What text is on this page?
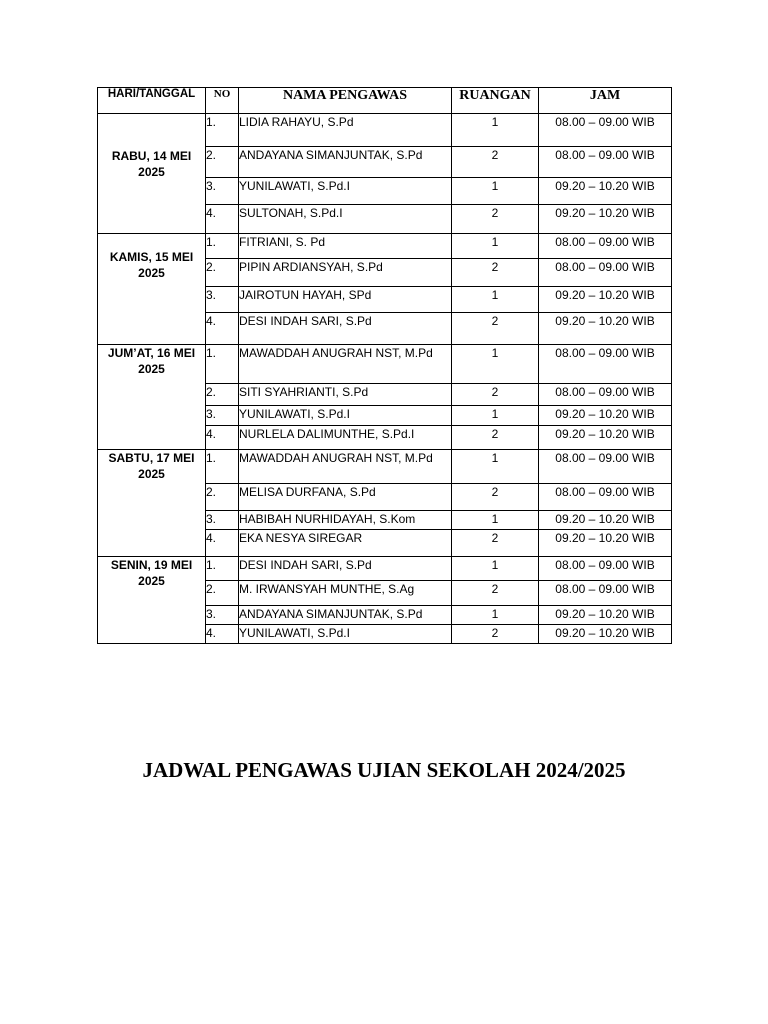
HARI/TANGGAL	NO	NAMA PENGAWAS	RUANGAN	JAM
RABU, 14 MEI 2025	1.	LIDIA RAHAYU, S.Pd	1	08.00 – 09.00 WIB
	2.	ANDAYANA SIMANJUNTAK, S.Pd	2	08.00 – 09.00 WIB
	3.	YUNILAWATI, S.Pd.I	1	09.20 – 10.20 WIB
	4.	SULTONAH, S.Pd.I	2	09.20 – 10.20 WIB
KAMIS, 15 MEI 2025	1.	FITRIANI, S. Pd	1	08.00 – 09.00 WIB
	2.	PIPIN ARDIANSYAH, S.Pd	2	08.00 – 09.00 WIB
	3.	JAIROTUN HAYAH, SPd	1	09.20 – 10.20 WIB
	4.	DESI INDAH SARI, S.Pd	2	09.20 – 10.20 WIB
JUM’AT, 16 MEI 2025	1.	MAWADDAH ANUGRAH NST, M.Pd	1	08.00 – 09.00 WIB
	2.	SITI SYAHRIANTI, S.Pd	2	08.00 – 09.00 WIB
	3.	YUNILAWATI, S.Pd.I	1	09.20 – 10.20 WIB
	4.	NURLELA DALIMUNTHE, S.Pd.I	2	09.20 – 10.20 WIB
SABTU, 17 MEI 2025	1.	MAWADDAH ANUGRAH NST, M.Pd	1	08.00 – 09.00 WIB
	2.	MELISA DURFANA, S.Pd	2	08.00 – 09.00 WIB
	3.	HABIBAH NURHIDAYAH, S.Kom	1	09.20 – 10.20 WIB
	4.	EKA NESYA SIREGAR	2	09.20 – 10.20 WIB
SENIN, 19 MEI 2025	1.	DESI INDAH SARI, S.Pd	1	08.00 – 09.00 WIB
	2.	M. IRWANSYAH MUNTHE, S.Ag	2	08.00 – 09.00 WIB
	3.	ANDAYANA SIMANJUNTAK, S.Pd	1	09.20 – 10.20 WIB
	4.	YUNILAWATI, S.Pd.I	2	09.20 – 10.20 WIB
JADWAL PENGAWAS UJIAN SEKOLAH 2024/2025
